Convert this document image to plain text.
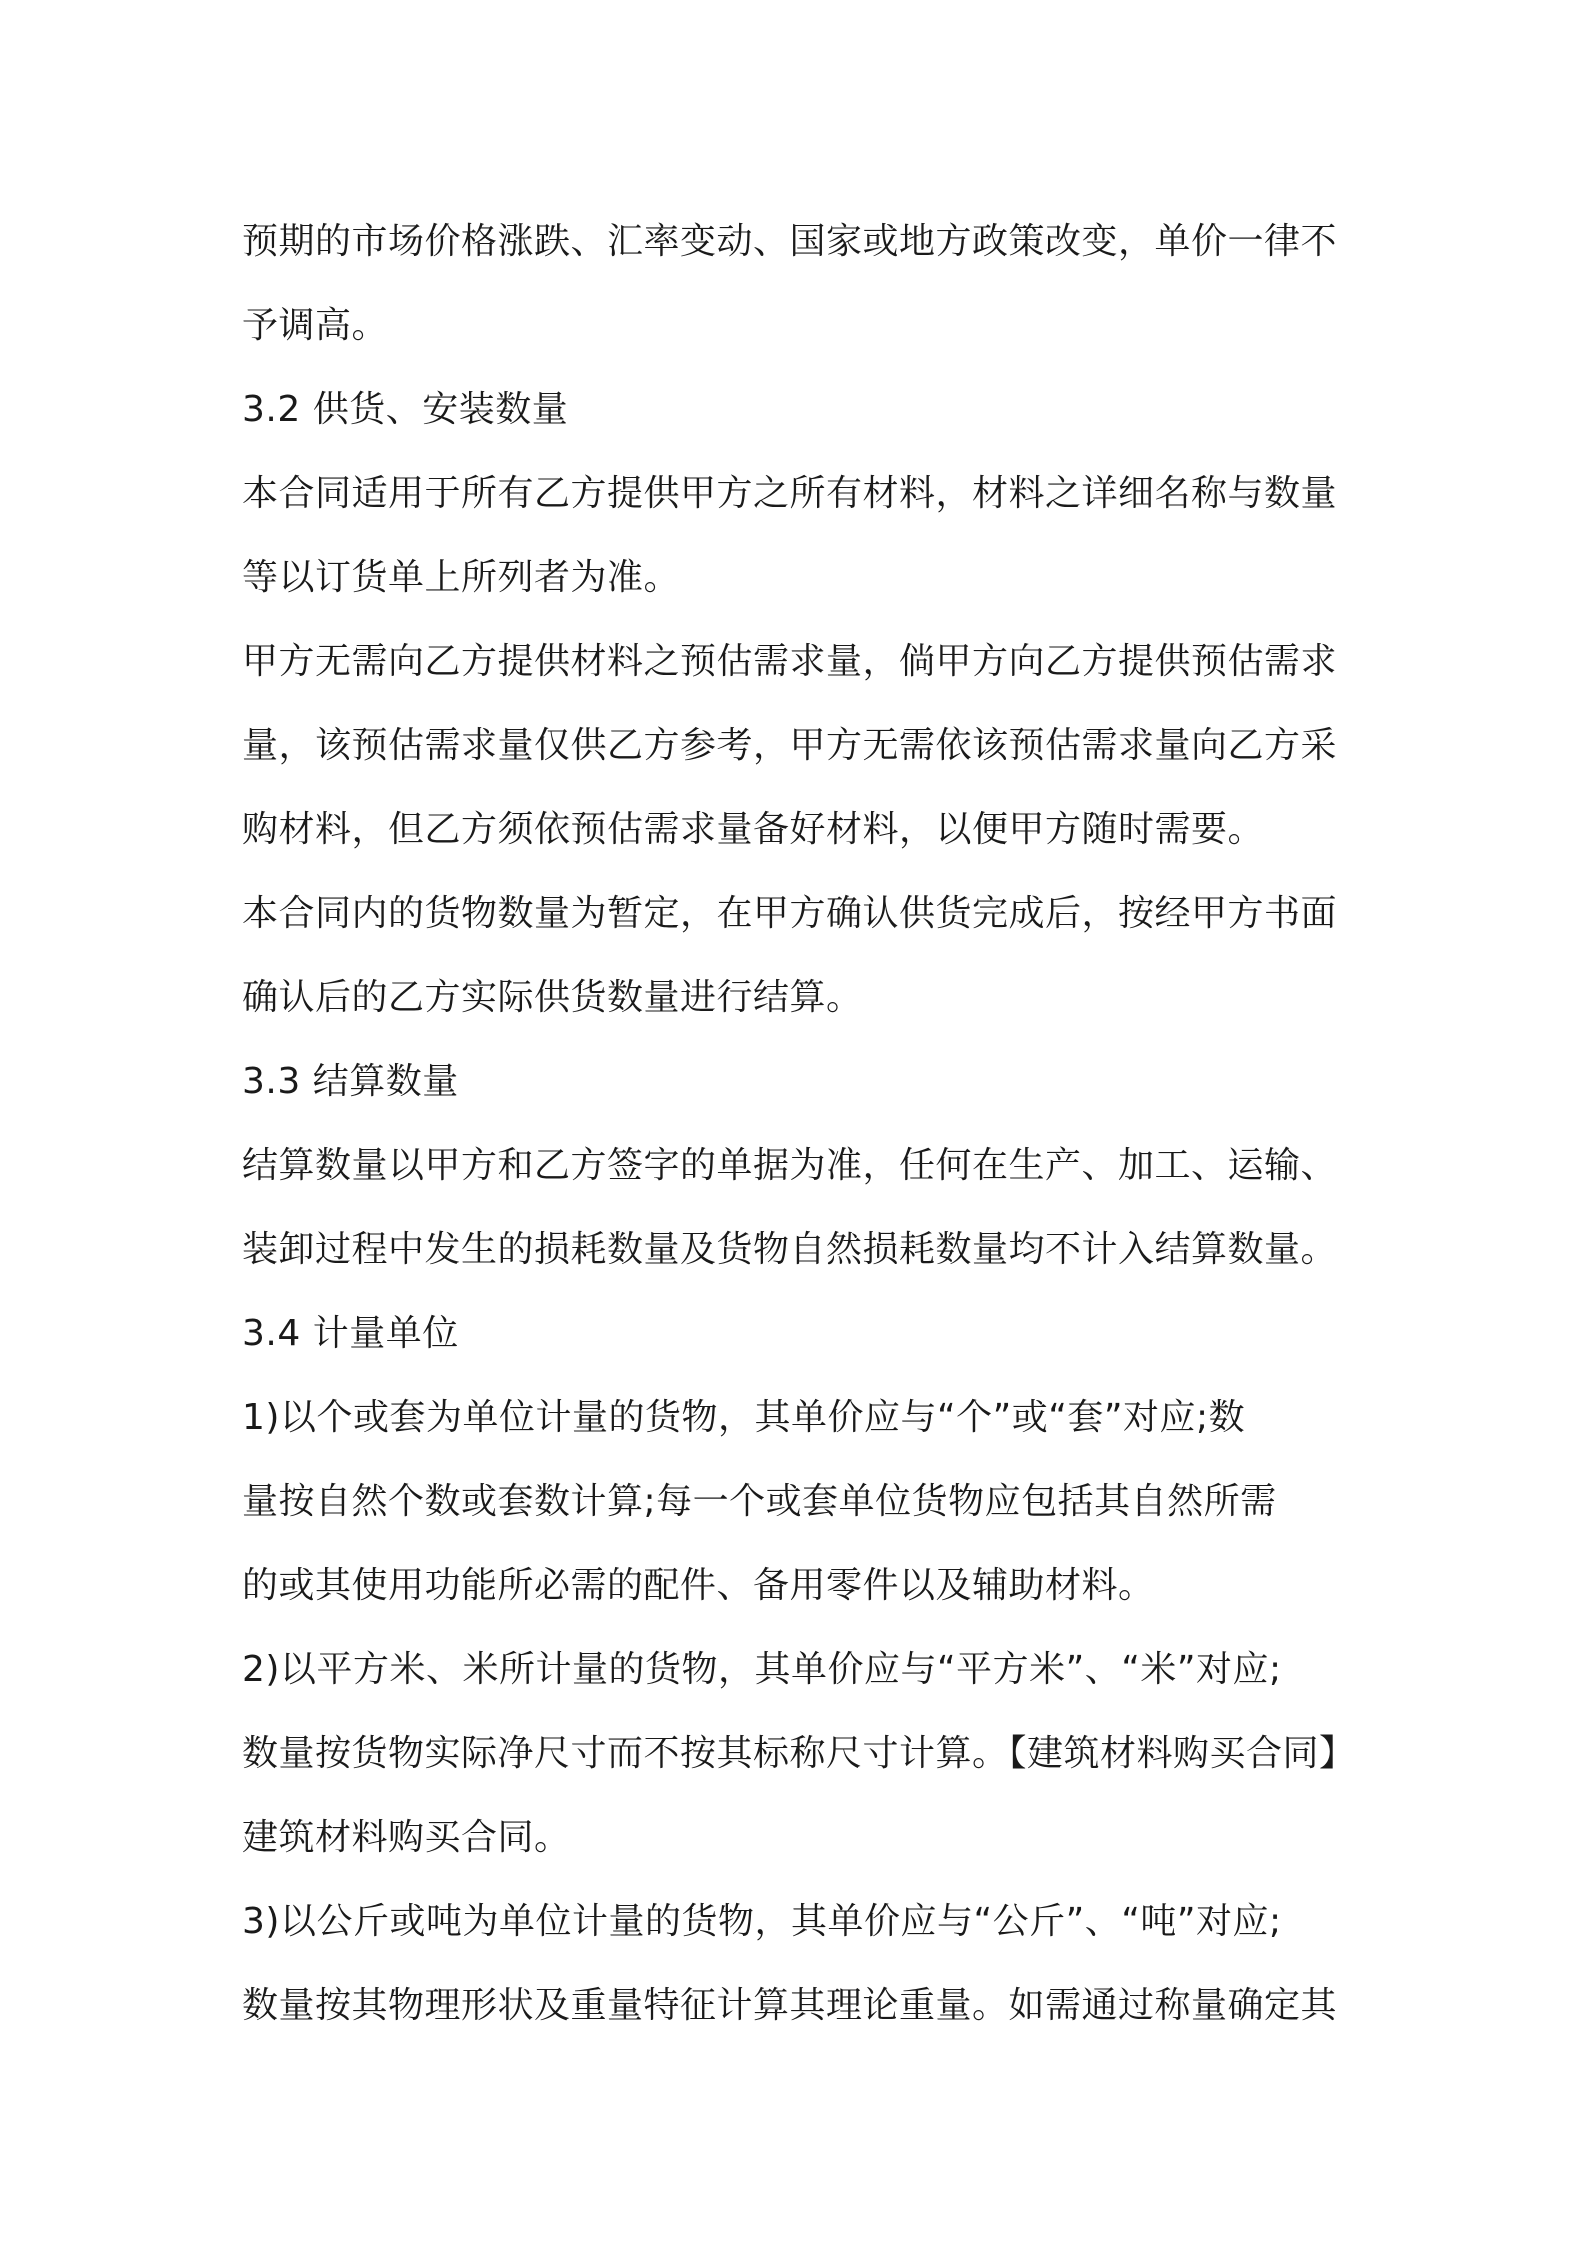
预期的市场价格涨跌、汇率变动、国家或地方政策改变，单价一律不
予调高。
3.2 供货、安装数量
本合同适用于所有乙方提供甲方之所有材料，材料之详细名称与数量
等以订货单上所列者为准。
甲方无需向乙方提供材料之预估需求量，倘甲方向乙方提供预估需求
量，该预估需求量仅供乙方参考，甲方无需依该预估需求量向乙方采
购材料，但乙方须依预估需求量备好材料，以便甲方随时需要。
本合同内的货物数量为暂定，在甲方确认供货完成后，按经甲方书面
确认后的乙方实际供货数量进行结算。
3.3 结算数量
结算数量以甲方和乙方签字的单据为准，任何在生产、加工、运输、
装卸过程中发生的损耗数量及货物自然损耗数量均不计入结算数量。
3.4 计量单位
1)以个或套为单位计量的货物，其单价应与“个”或“套”对应;数
量按自然个数或套数计算;每一个或套单位货物应包括其自然所需
的或其使用功能所必需的配件、备用零件以及辅助材料。
2)以平方米、米所计量的货物，其单价应与“平方米”、“米”对应;
数量按货物实际净尺寸而不按其标称尺寸计算。【建筑材料购买合同】
建筑材料购买合同。
3)以公斤或吨为单位计量的货物，其单价应与“公斤”、“吨”对应;
数量按其物理形状及重量特征计算其理论重量。如需通过称量确定其
